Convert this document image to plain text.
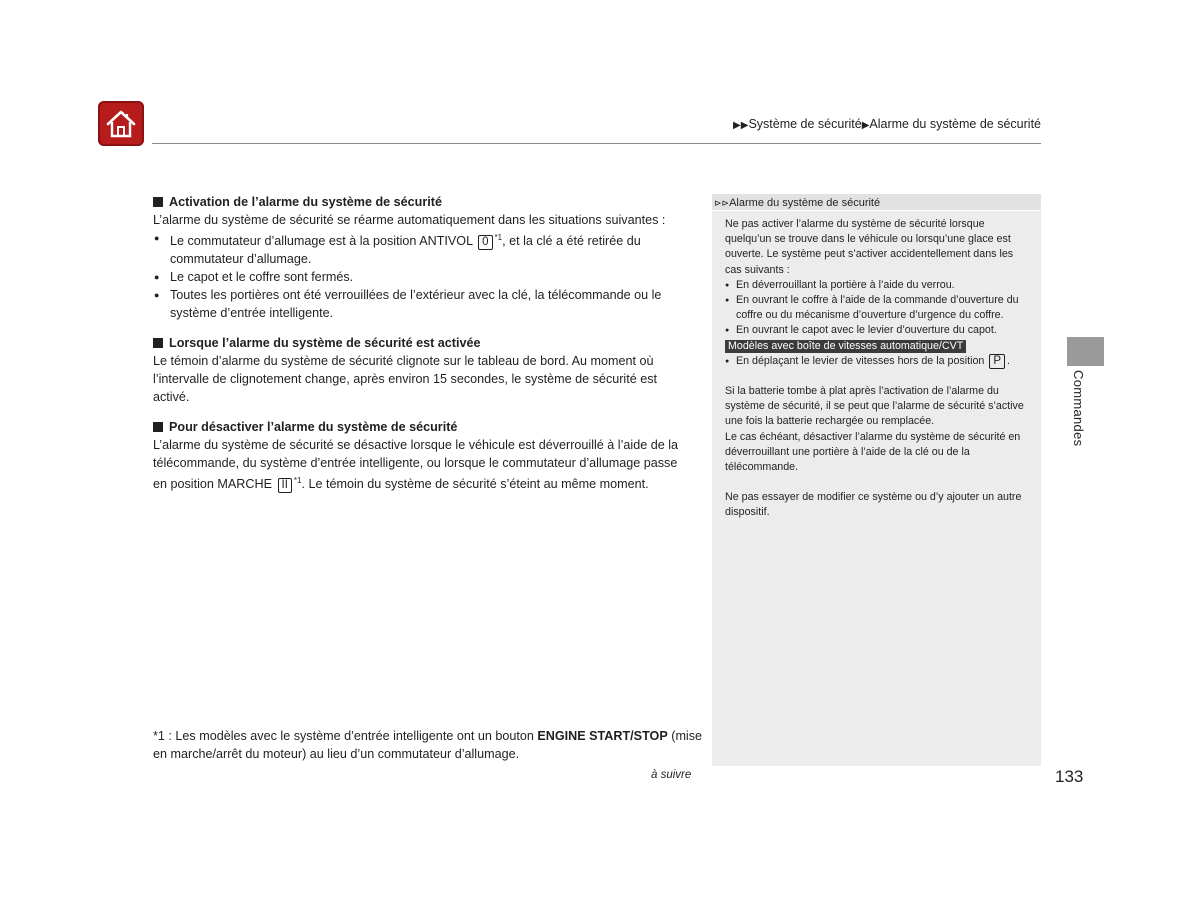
▶▶Système de sécurité▶Alarme du système de sécurité
Activation de l’alarme du système de sécurité

L’alarme du système de sécurité se réarme automatiquement dans les situations suivantes :

● Le commutateur d’allumage est à la position ANTIVOL 0 $^{*1}$, et la clé a été retirée du commutateur d’allumage.
● Le capot et le coffre sont fermés.
● Toutes les portières ont été verrouillées de l’extérieur avec la clé, la télécommande ou le système d’entrée intelligente.
Lorsque l’alarme du système de sécurité est activée

Le témoin d’alarme du système de sécurité clignote sur le tableau de bord. Au moment où l’intervalle de clignotement change, après environ 15 secondes, le système de sécurité est activé.

Pour désactiver l’alarme du système de sécurité

L’alarme du système de sécurité se désactive lorsque le véhicule est déverrouillé à l’aide de la télécommande, du système d’entrée intelligente, ou lorsque le commutateur d’allumage passe en position MARCHE II $^{*1}$. Le témoin du système de sécurité s’éteint au même moment.

⊳⊳Alarme du système de sécurité
Ne pas activer l’alarme du système de sécurité lorsque quelqu’un se trouve dans le véhicule ou lorsqu’une glace est ouverte. Le système peut s’activer accidentellement dans les cas suivants :
● En déverrouillant la portière à l’aide du verrou.
● En ouvrant le coffre à l’aide de la commande d’ouverture du coffre ou du mécanisme d’ouverture d’urgence du coffre.
● En ouvrant le capot avec le levier d’ouverture du capot.
Modèles avec boîte de vitesses automatique/CVT
● En déplaçant le levier de vitesses hors de la position P .
Si la batterie tombe à plat après l’activation de l’alarme du système de sécurité, il se peut que l’alarme de sécurité s’active une fois la batterie rechargée ou remplacée.
Le cas échéant, désactiver l’alarme du système de sécurité en déverrouillant une portière à l’aide de la clé ou de la télécommande.
Ne pas essayer de modifier ce système ou d’y ajouter un autre dispositif.
Commandes
*1 : Les modèles avec le système d’entrée intelligente ont un bouton ENGINE START/STOP (mise en marche/arrêt du moteur) au lieu d’un commutateur d’allumage.
à suivre	133
